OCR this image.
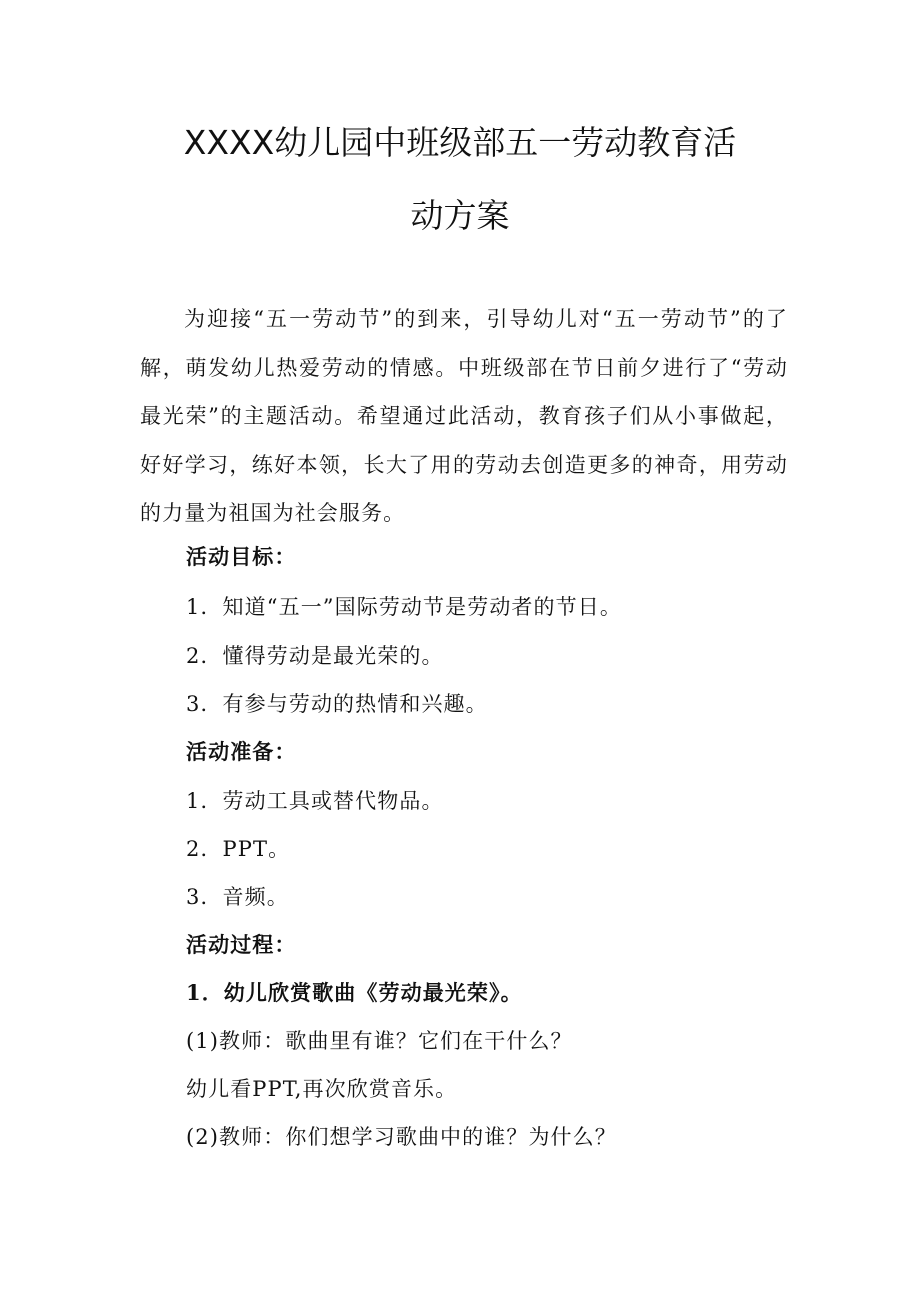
XXXX幼儿园中班级部五一劳动教育活
动方案
为迎接“五一劳动节”的到来，引导幼儿对“五一劳动节”的了解，萌发幼儿热爱劳动的情感。中班级部在节日前夕进行了“劳动最光荣”的主题活动。希望通过此活动，教育孩子们从小事做起，好好学习，练好本领，长大了用的劳动去创造更多的神奇，用劳动的力量为祖国为社会服务。
活动目标：
1．知道“五一”国际劳动节是劳动者的节日。
2．懂得劳动是最光荣的。
3．有参与劳动的热情和兴趣。
活动准备：
1．劳动工具或替代物品。
2．PPT。
3．音频。
活动过程：
1．幼儿欣赏歌曲《劳动最光荣》。
(1)教师：歌曲里有谁？它们在干什么？
幼儿看PPT,再次欣赏音乐。
(2)教师：你们想学习歌曲中的谁？为什么？
